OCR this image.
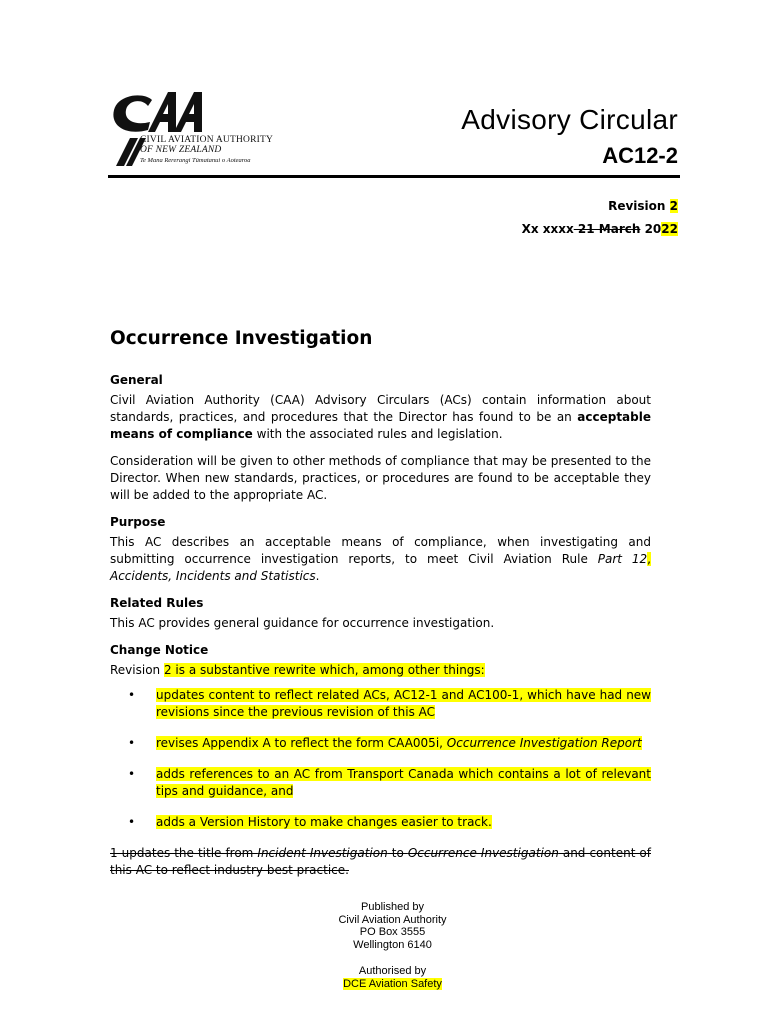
CIVIL AVIATION AUTHORITY
OF NEW ZEALAND
Te Mana Rererangi Tūmatanui o Aotearoa
Advisory Circular
AC12-2
Revision 2
Xx xxxx 21 March 2022
Occurrence Investigation
General

Civil Aviation Authority (CAA) Advisory Circulars (ACs) contain information about standards, practices, and procedures that the Director has found to be an acceptable means of compliance with the associated rules and legislation.

Consideration will be given to other methods of compliance that may be presented to the Director. When new standards, practices, or procedures are found to be acceptable they will be added to the appropriate AC.

Purpose

This AC describes an acceptable means of compliance, when investigating and submitting occurrence investigation reports, to meet Civil Aviation Rule Part 12, Accidents, Incidents and Statistics.

Related Rules

This AC provides general guidance for occurrence investigation.

Change Notice

Revision 2 is a substantive rewrite which, among other things:

• updates content to reflect related ACs, AC12-1 and AC100-1, which have had new revisions since the previous revision of this AC
• revises Appendix A to reflect the form CAA005i, Occurrence Investigation Report
• adds references to an AC from Transport Canada which contains a lot of relevant tips and guidance, and
• adds a Version History to make changes easier to track.

1 updates the title from Incident Investigation to Occurrence Investigation and content of this AC to reflect industry best practice.

Published by
Civil Aviation Authority
PO Box 3555
Wellington 6140
Authorised by
DCE Aviation Safety
